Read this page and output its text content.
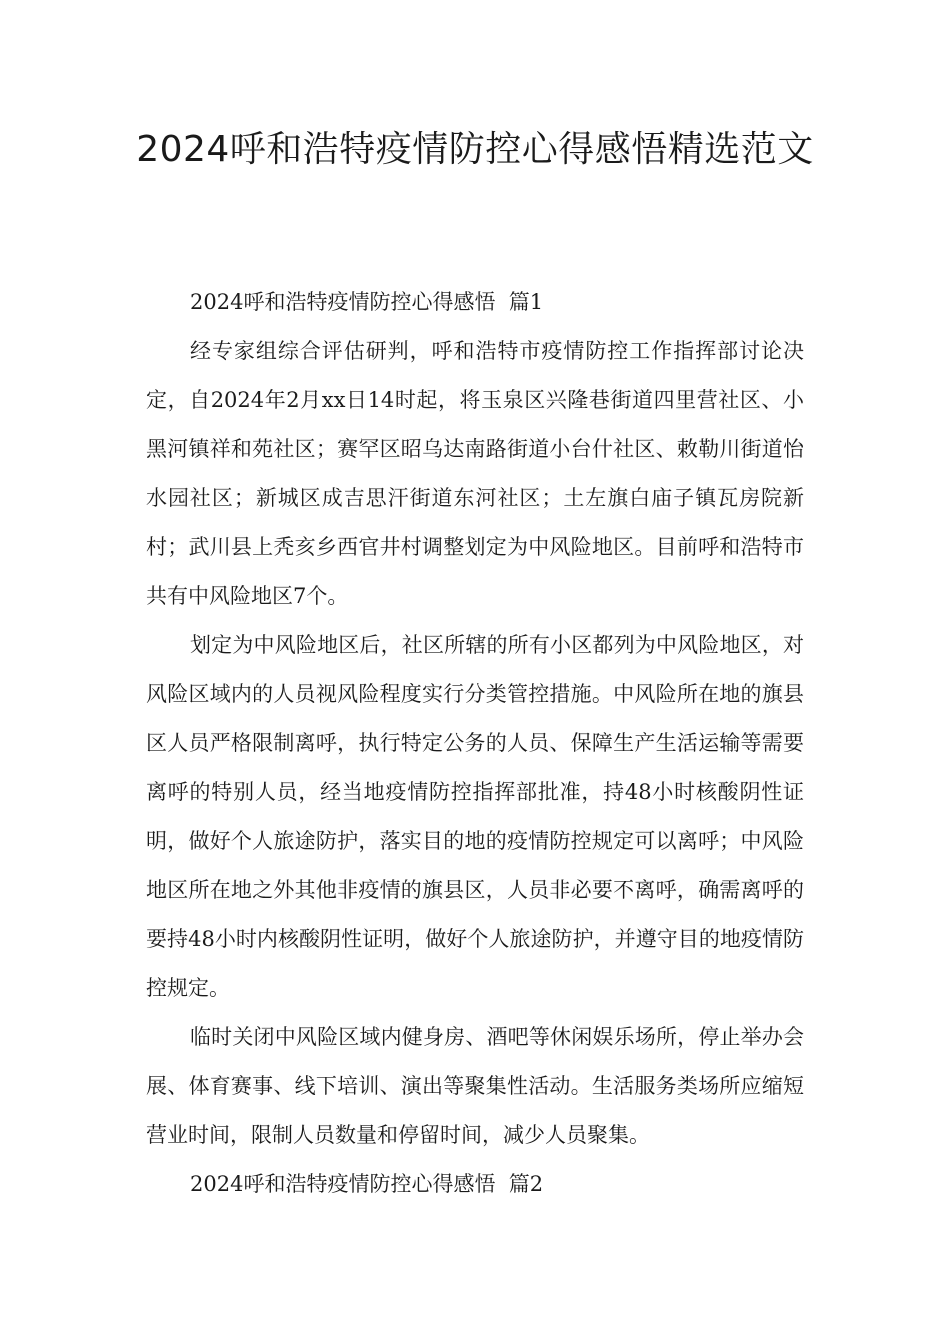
2024呼和浩特疫情防控心得感悟精选范文

2024呼和浩特疫情防控心得感悟  篇1

经专家组综合评估研判，呼和浩特市疫情防控工作指挥部讨论决定，自2024年2月xx日14时起，将玉泉区兴隆巷街道四里营社区、小黑河镇祥和苑社区；赛罕区昭乌达南路街道小台什社区、敕勒川街道怡水园社区；新城区成吉思汗街道东河社区；土左旗白庙子镇瓦房院新村；武川县上秃亥乡西官井村调整划定为中风险地区。目前呼和浩特市共有中风险地区7个。

划定为中风险地区后，社区所辖的所有小区都列为中风险地区，对风险区域内的人员视风险程度实行分类管控措施。中风险所在地的旗县区人员严格限制离呼，执行特定公务的人员、保障生产生活运输等需要离呼的特别人员，经当地疫情防控指挥部批准，持48小时核酸阴性证明，做好个人旅途防护，落实目的地的疫情防控规定可以离呼；中风险地区所在地之外其他非疫情的旗县区，人员非必要不离呼，确需离呼的要持48小时内核酸阴性证明，做好个人旅途防护，并遵守目的地疫情防控规定。

临时关闭中风险区域内健身房、酒吧等休闲娱乐场所，停止举办会展、体育赛事、线下培训、演出等聚集性活动。生活服务类场所应缩短营业时间，限制人员数量和停留时间，减少人员聚集。

2024呼和浩特疫情防控心得感悟  篇2
